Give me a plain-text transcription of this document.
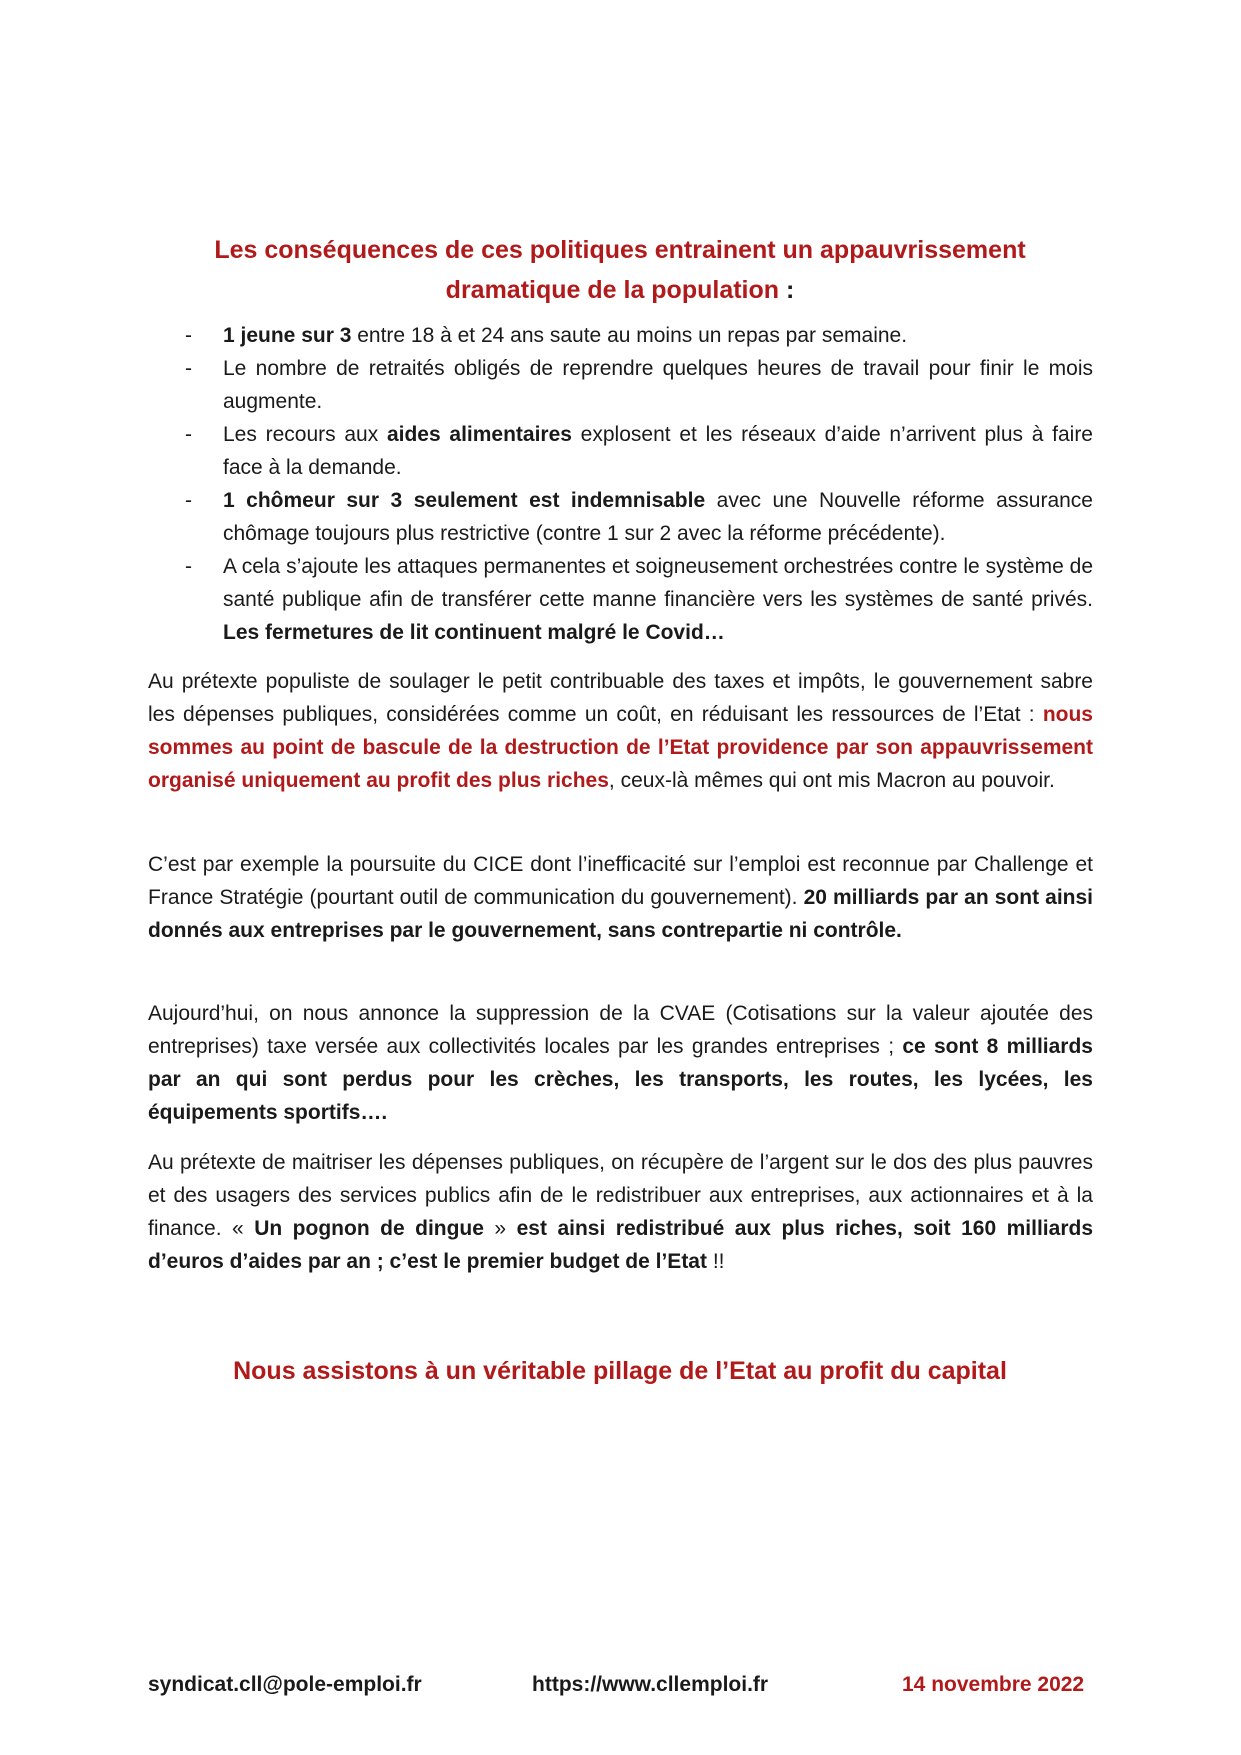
Les conséquences de ces politiques entrainent un appauvrissement
dramatique de la population :
- 1 jeune sur 3 entre 18 à et 24 ans saute au moins un repas par semaine.
- Le nombre de retraités obligés de reprendre quelques heures de travail pour finir le mois augmente.
- Les recours aux aides alimentaires explosent et les réseaux d’aide n’arrivent plus à faire face à la demande.
- 1 chômeur sur 3 seulement est indemnisable avec une Nouvelle réforme assurance chômage toujours plus restrictive (contre 1 sur 2 avec la réforme précédente).
- A cela s’ajoute les attaques permanentes et soigneusement orchestrées contre le système de santé publique afin de transférer cette manne financière vers les systèmes de santé privés. Les fermetures de lit continuent malgré le Covid…

Au prétexte populiste de soulager le petit contribuable des taxes et impôts, le gouvernement sabre les dépenses publiques, considérées comme un coût, en réduisant les ressources de l’Etat : nous sommes au point de bascule de la destruction de l’Etat providence par son appauvrissement organisé uniquement au profit des plus riches, ceux-là mêmes qui ont mis Macron au pouvoir.

C’est par exemple la poursuite du CICE dont l’inefficacité sur l’emploi est reconnue par Challenge et France Stratégie (pourtant outil de communication du gouvernement). 20 milliards par an sont ainsi donnés aux entreprises par le gouvernement, sans contrepartie ni contrôle.

Aujourd’hui, on nous annonce la suppression de la CVAE (Cotisations sur la valeur ajoutée des entreprises) taxe versée aux collectivités locales par les grandes entreprises ; ce sont 8 milliards par an qui sont perdus pour les crèches, les transports, les routes, les lycées, les équipements sportifs….

Au prétexte de maitriser les dépenses publiques, on récupère de l’argent sur le dos des plus pauvres et des usagers des services publics afin de le redistribuer aux entreprises, aux actionnaires et à la finance. « Un pognon de dingue » est ainsi redistribué aux plus riches, soit 160 milliards d’euros d’aides par an ; c’est le premier budget de l’Etat !!

Nous assistons à un véritable pillage de l’Etat au profit du capital
syndicat.cll@pole-emploi.fr	https://www.cllemploi.fr	14 novembre 2022
